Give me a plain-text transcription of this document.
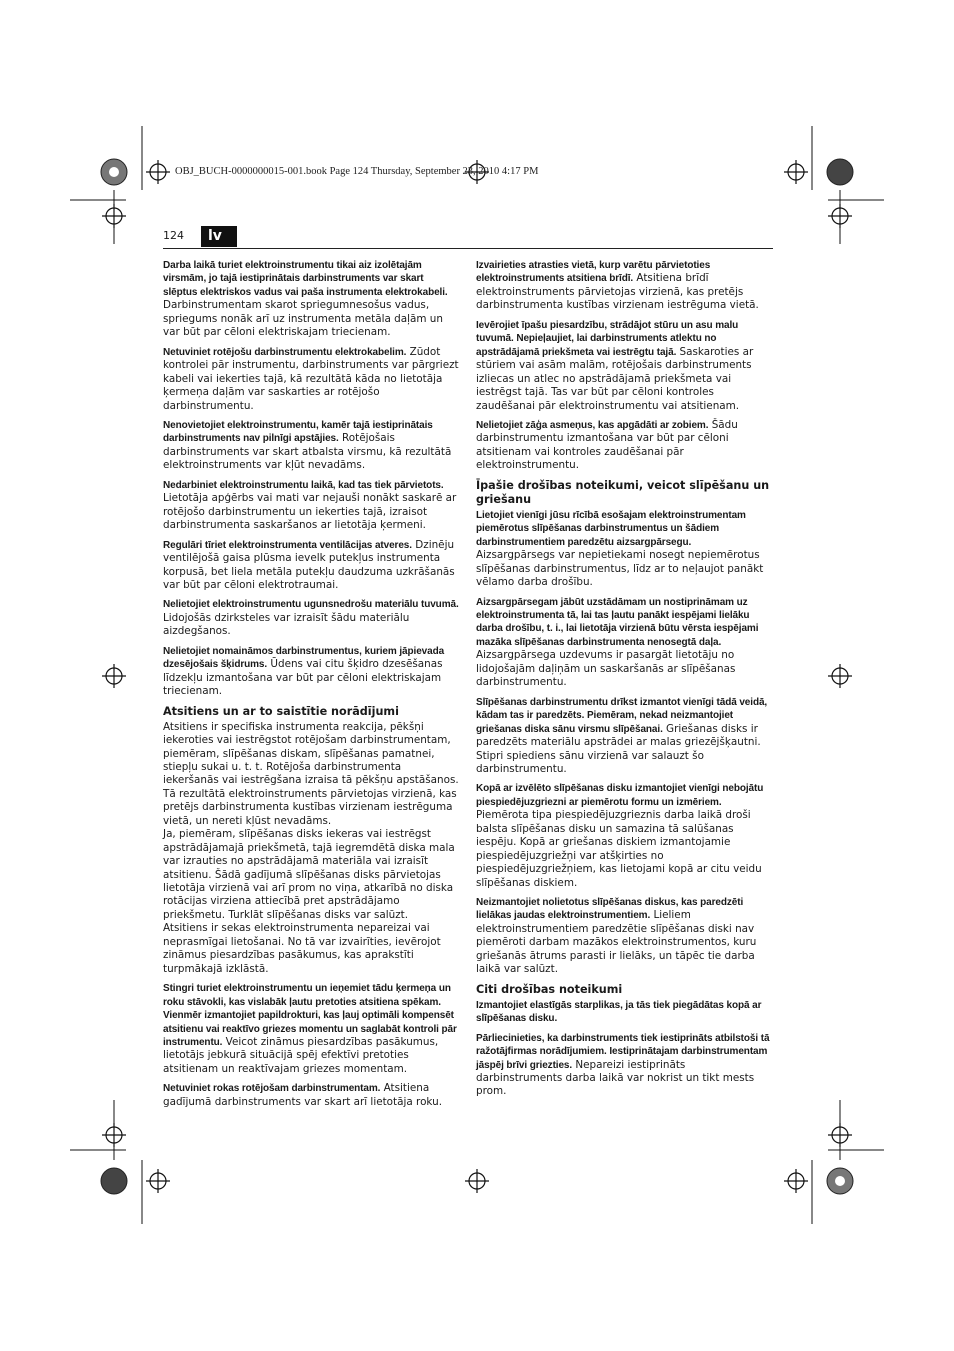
OBJ_BUCH-0000000015-001.book Page 124 Thursday, September 23, 2010 4:17 PM
124	lv

Darba laikā turiet elektroinstrumentu tikai aiz izolētajām virsmām, jo tajā iestiprinātais darbinstruments var skart slēptus elektriskos vadus vai paša instrumenta elektrokabeli. Darbinstrumentam skarot spriegumnesošus vadus, spriegums nonāk arī uz instrumenta metāla daļām un var būt par cēloni elektriskajam triecienam.

Netuviniet rotējošu darbinstrumentu elektrokabelim. Zūdot kontrolei pār instrumentu, darbinstruments var pārgriezt kabeli vai iekerties tajā, kā rezultātā kāda no lietotāja ķermeņa daļām var saskarties ar rotējošo darbinstrumentu.

Nenovietojiet elektroinstrumentu, kamēr tajā iestiprinātais darbinstruments nav pilnīgi apstājies. Rotējošais darbinstruments var skart atbalsta virsmu, kā rezultātā elektroinstruments var kļūt nevadāms.

Nedarbiniet elektroinstrumentu laikā, kad tas tiek pārvietots. Lietotāja apģērbs vai mati var nejauši nonākt saskarē ar rotējošo darbinstrumentu un iekerties tajā, izraisot darbinstrumenta saskaršanos ar lietotāja ķermeni.

Regulāri tīriet elektroinstrumenta ventilācijas atveres. Dzinēju ventilējošā gaisa plūsma ievelk putekļus instrumenta korpusā, bet liela metāla putekļu daudzuma uzkrāšanās var būt par cēloni elektrotraumai.

Nelietojiet elektroinstrumentu ugunsnedrošu materiālu tuvumā. Lidojošās dzirksteles var izraisīt šādu materiālu aizdegšanos.

Nelietojiet nomaināmos darbinstrumentus, kuriem jāpievada dzesējošais šķidrums. Ūdens vai citu šķidro dzesēšanas līdzekļu izmantošana var būt par cēloni elektriskajam triecienam.

Atsitiens un ar to saistītie norādījumi

Atsitiens ir specifiska instrumenta reakcija, pēkšņi iekeroties vai iestrēgstot rotējošam darbinstrumentam, piemēram, slīpēšanas diskam, slīpēšanas pamatnei, stiepļu sukai u. t. t. Rotējoša darbinstrumenta iekeršanās vai iestrēgšana izraisa tā pēkšņu apstāšanos. Tā rezultātā elektroinstruments pārvietojas virzienā, kas pretējs darbinstrumenta kustības virzienam iestrēguma vietā, un nereti kļūst nevadāms.

Ja, piemēram, slīpēšanas disks iekeras vai iestrēgst apstrādājamajā priekšmetā, tajā iegremdētā diska mala var izrauties no apstrādājamā materiāla vai izraisīt atsitienu. Šādā gadījumā slīpēšanas disks pārvietojas lietotāja virzienā vai arī prom no viņa, atkarībā no diska rotācijas virziena attiecībā pret apstrādājamo priekšmetu. Turklāt slīpēšanas disks var salūzt.

Atsitiens ir sekas elektroinstrumenta nepareizai vai neprasmīgai lietošanai. No tā var izvairīties, ievērojot zināmus piesardzības pasākumus, kas aprakstīti turpmākajā izklāstā.

Stingri turiet elektroinstrumentu un ieņemiet tādu ķermeņa un roku stāvokli, kas vislabāk ļautu pretoties atsitiena spēkam. Vienmēr izmantojiet papildrokturi, kas ļauj optimāli kompensēt atsitienu vai reaktīvo griezes momentu un saglabāt kontroli pār instrumentu. Veicot zināmus piesardzības pasākumus, lietotājs jebkurā situācijā spēj efektīvi pretoties atsitienam un reaktīvajam griezes momentam.

Netuviniet rokas rotējošam darbinstrumentam. Atsitiena gadījumā darbinstruments var skart arī lietotāja roku.

Izvairieties atrasties vietā, kurp varētu pārvietoties elektroinstruments atsitiena brīdī. Atsitiena brīdī elektroinstruments pārvietojas virzienā, kas pretējs darbinstrumenta kustības virzienam iestrēguma vietā.

Ievērojiet īpašu piesardzību, strādājot stūru un asu malu tuvumā. Nepieļaujiet, lai darbinstruments atlektu no apstrādājamā priekšmeta vai iestrēgtu tajā. Saskaroties ar stūriem vai asām malām, rotējošais darbinstruments izliecas un atlec no apstrādājamā priekšmeta vai iestrēgst tajā. Tas var būt par cēloni kontroles zaudēšanai pār elektroinstrumentu vai atsitienam.

Nelietojiet zāģa asmeņus, kas apgādāti ar zobiem. Šādu darbinstrumentu izmantošana var būt par cēloni atsitienam vai kontroles zaudēšanai pār elektroinstrumentu.

Īpašie drošības noteikumi, veicot slīpēšanu un griešanu

Lietojiet vienīgi jūsu rīcībā esošajam elektroinstrumentam piemērotus slīpēšanas darbinstrumentus un šādiem darbinstrumentiem paredzētu aizsargpārsegu. Aizsargpārsegs var nepietiekami nosegt nepiemērotus slīpēšanas darbinstrumentus, līdz ar to neļaujot panākt vēlamo darba drošību.

Aizsargpārsegam jābūt uzstādāmam un nostiprināmam uz elektroinstrumenta tā, lai tas ļautu panākt iespējami lielāku darba drošību, t. i., lai lietotāja virzienā būtu vērsta iespējami mazāka slīpēšanas darbinstrumenta nenosegtā daļa. Aizsargpārsega uzdevums ir pasargāt lietotāju no lidojošajām daļiņām un saskaršanās ar slīpēšanas darbinstrumentu.

Slīpēšanas darbinstrumentu drīkst izmantot vienīgi tādā veidā, kādam tas ir paredzēts. Piemēram, nekad neizmantojiet griešanas diska sānu virsmu slīpēšanai. Griešanas disks ir paredzēts materiālu apstrādei ar malas griezējšķautni. Stipri spiediens sānu virzienā var salauzt šo darbinstrumentu.

Kopā ar izvēlēto slīpēšanas disku izmantojiet vienīgi nebojātu piespiedējuzgriezni ar piemērotu formu un izmēriem. Piemērota tipa piespiedējuzgrieznis darba laikā droši balsta slīpēšanas disku un samazina tā salūšanas iespēju. Kopā ar griešanas diskiem izmantojamie piespiedējuzgriežņi var atšķirties no piespiedējuzgriežņiem, kas lietojami kopā ar citu veidu slīpēšanas diskiem.

Neizmantojiet nolietotus slīpēšanas diskus, kas paredzēti lielākas jaudas elektroinstrumentiem. Lieliem elektroinstrumentiem paredzētie slīpēšanas diski nav piemēroti darbam mazākos elektroinstrumentos, kuru griešanās ātrums parasti ir lielāks, un tāpēc tie darba laikā var salūzt.

Citi drošības noteikumi

Izmantojiet elastīgās starplikas, ja tās tiek piegādātas kopā ar slīpēšanas disku.

Pārliecinieties, ka darbinstruments tiek iestiprināts atbilstoši tā ražotājfirmas norādījumiem. Iestiprinātajam darbinstrumentam jāspēj brīvi griezties. Nepareizi iestiprināts darbinstruments darba laikā var nokrist un tikt mests prom.
